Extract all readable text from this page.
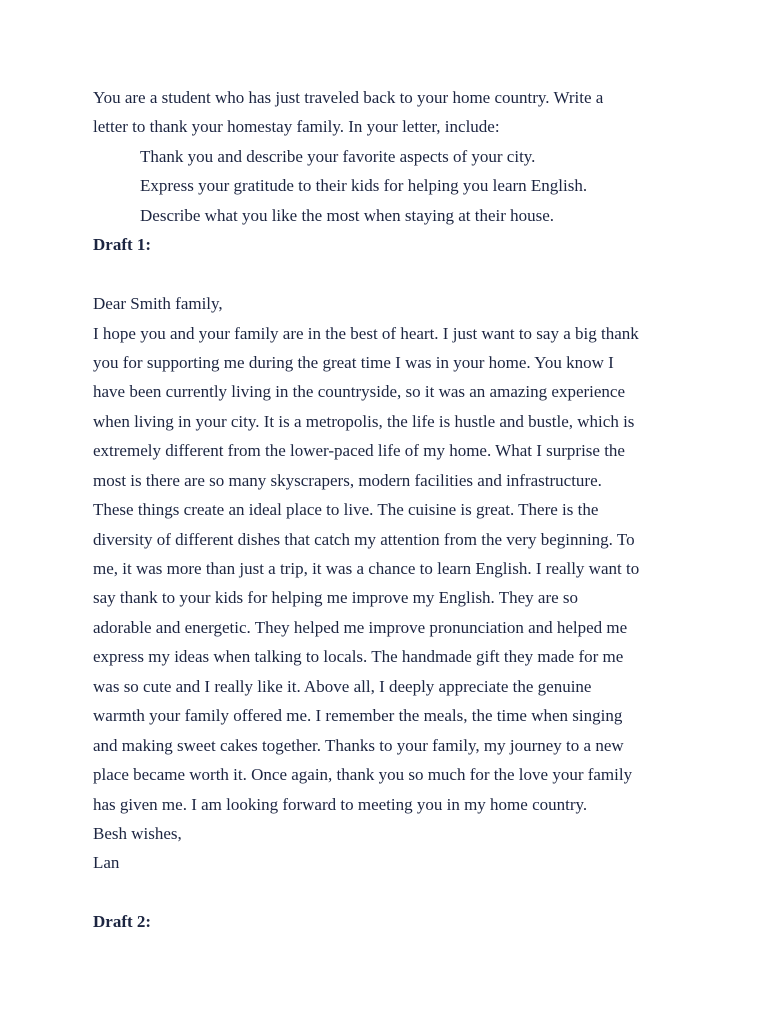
You are a student who has just traveled back to your home country. Write a
letter to thank your homestay family. In your letter, include:
Thank you and describe your favorite aspects of your city.
Express your gratitude to their kids for helping you learn English.
Describe what you like the most when staying at their house.
Draft 1:
Dear Smith family,
I hope you and your family are in the best of heart. I just want to say a big thank
you for supporting me during the great time I was in your home. You know I
have been currently living in the countryside, so it was an amazing experience
when living in your city. It is a metropolis, the life is hustle and bustle, which is
extremely different from the lower-paced life of my home. What I surprise the
most is there are so many skyscrapers, modern facilities and infrastructure.
These things create an ideal place to live. The cuisine is great. There is the
diversity of different dishes that catch my attention from the very beginning. To
me, it was more than just a trip, it was a chance to learn English. I really want to
say thank to your kids for helping me improve my English. They are so
adorable and energetic. They helped me improve pronunciation and helped me
express my ideas when talking to locals. The handmade gift they made for me
was so cute and I really like it. Above all, I deeply appreciate the genuine
warmth your family offered me. I remember the meals, the time when singing
and making sweet cakes together. Thanks to your family, my journey to a new
place became worth it. Once again, thank you so much for the love your family
has given me. I am looking forward to meeting you in my home country.
Besh wishes,
Lan
Draft 2:
